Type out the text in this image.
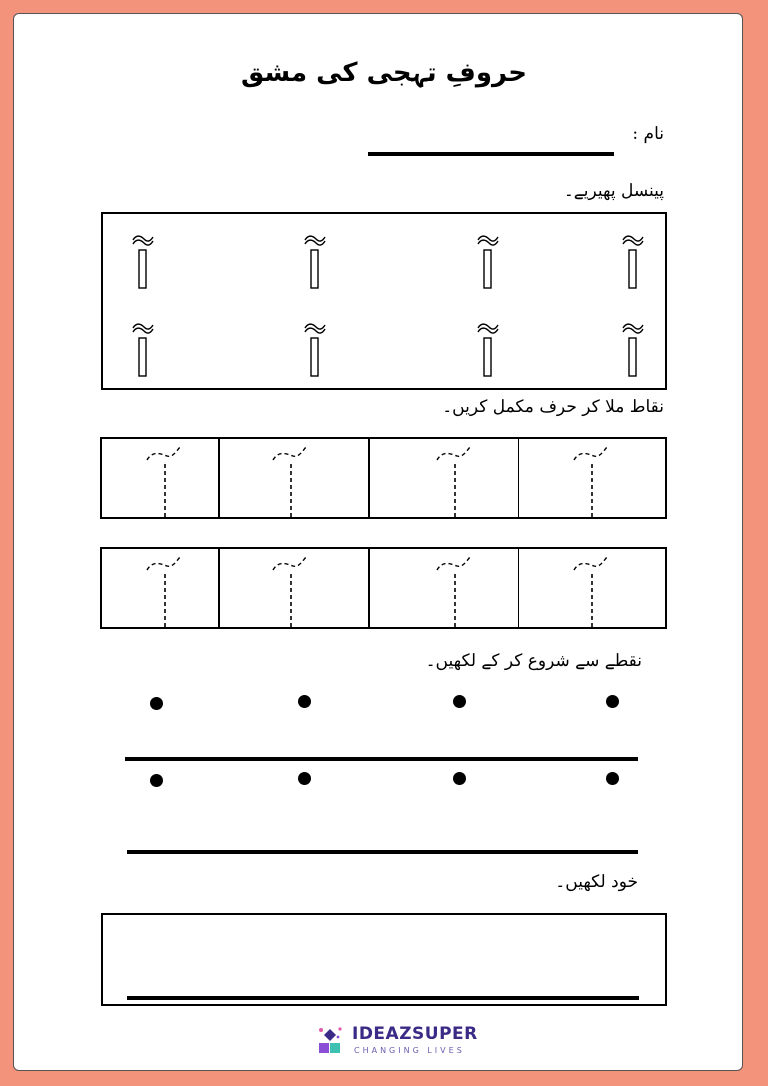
حروفِ تہجی کی مشق
نام :
پینسل پھیریے۔
نقاط ملا کر حرف مکمل کریں۔
نقطے سے شروع کر کے لکھیں۔
خود لکھیں۔
IDEAZSUPER
CHANGING LIVES
